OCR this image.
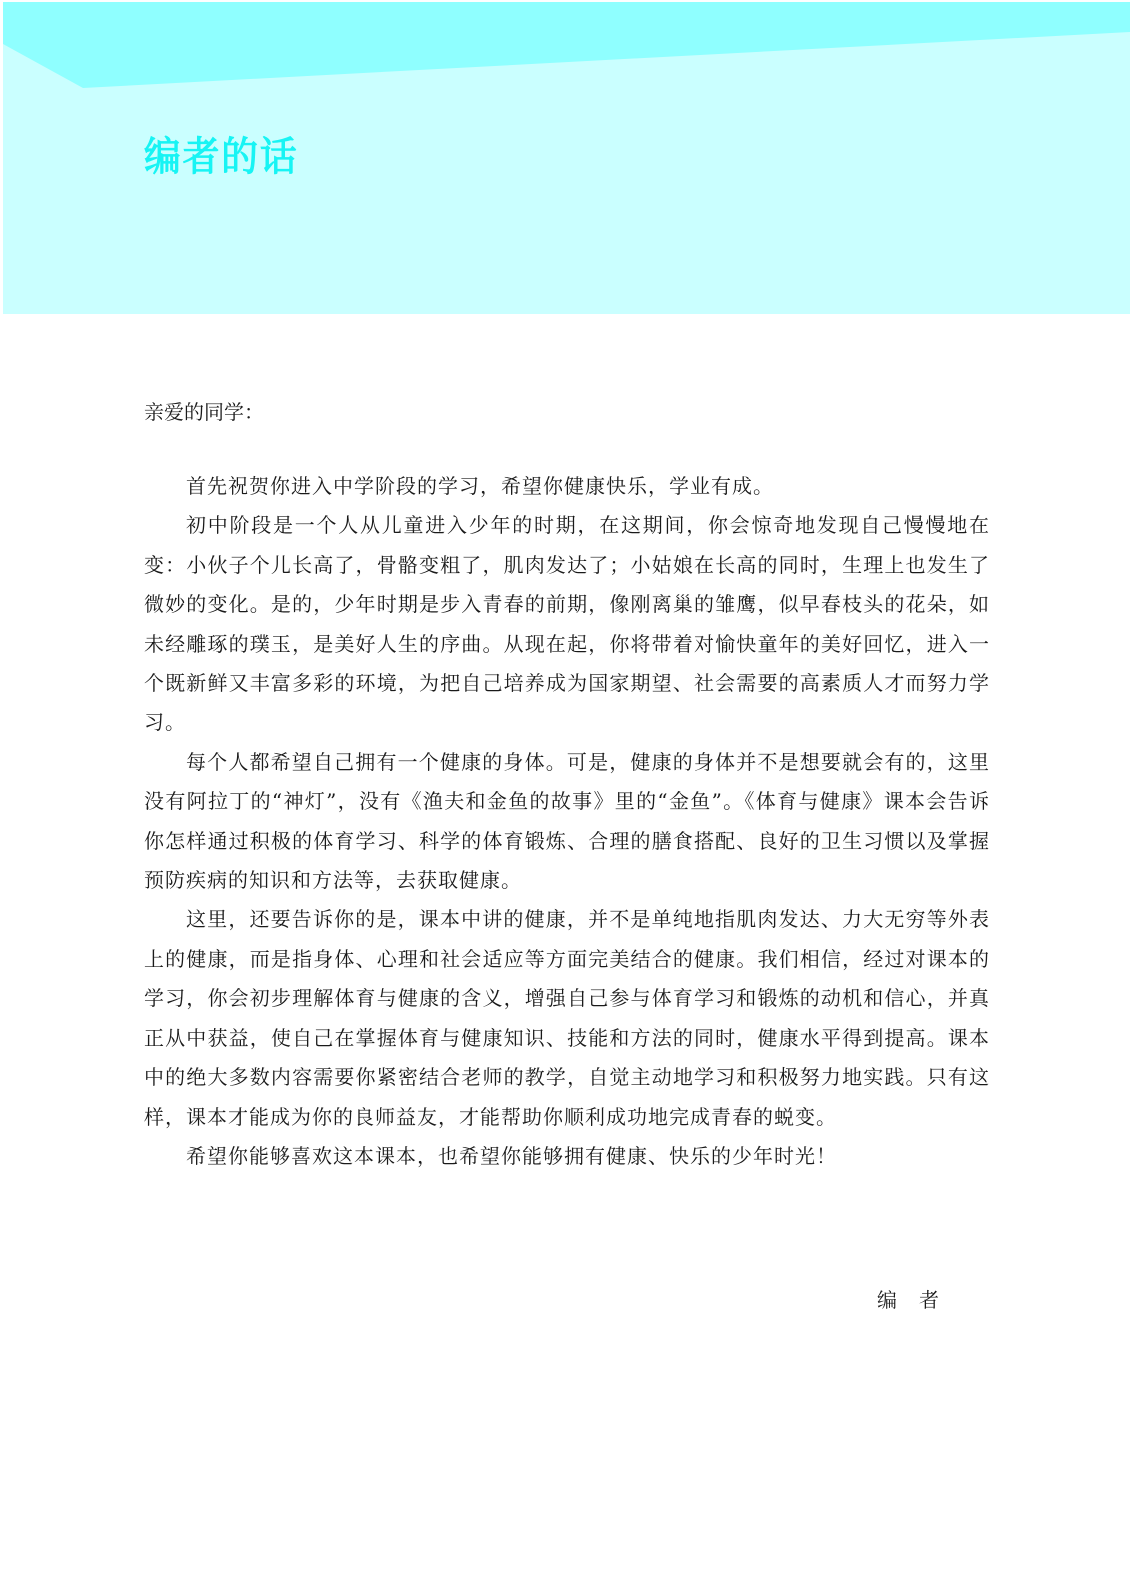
编者的话

亲爱的同学：

首先祝贺你进入中学阶段的学习，希望你健康快乐，学业有成。

初中阶段是一个人从儿童进入少年的时期，在这期间，你会惊奇地发现自己慢慢地在变：小伙子个儿长高了，骨骼变粗了，肌肉发达了；小姑娘在长高的同时，生理上也发生了微妙的变化。是的，少年时期是步入青春的前期，像刚离巢的雏鹰，似早春枝头的花朵，如未经雕琢的璞玉，是美好人生的序曲。从现在起，你将带着对愉快童年的美好回忆，进入一个既新鲜又丰富多彩的环境，为把自己培养成为国家期望、社会需要的高素质人才而努力学习。

每个人都希望自己拥有一个健康的身体。可是，健康的身体并不是想要就会有的，这里没有阿拉丁的“神灯”，没有《渔夫和金鱼的故事》里的“金鱼”。《体育与健康》课本会告诉你怎样通过积极的体育学习、科学的体育锻炼、合理的膳食搭配、良好的卫生习惯以及掌握预防疾病的知识和方法等，去获取健康。

这里，还要告诉你的是，课本中讲的健康，并不是单纯地指肌肉发达、力大无穷等外表上的健康，而是指身体、心理和社会适应等方面完美结合的健康。我们相信，经过对课本的学习，你会初步理解体育与健康的含义，增强自己参与体育学习和锻炼的动机和信心，并真正从中获益，使自己在掌握体育与健康知识、技能和方法的同时，健康水平得到提高。课本中的绝大多数内容需要你紧密结合老师的教学，自觉主动地学习和积极努力地实践。只有这样，课本才能成为你的良师益友，才能帮助你顺利成功地完成青春的蜕变。

希望你能够喜欢这本课本，也希望你能够拥有健康、快乐的少年时光！

编 者
